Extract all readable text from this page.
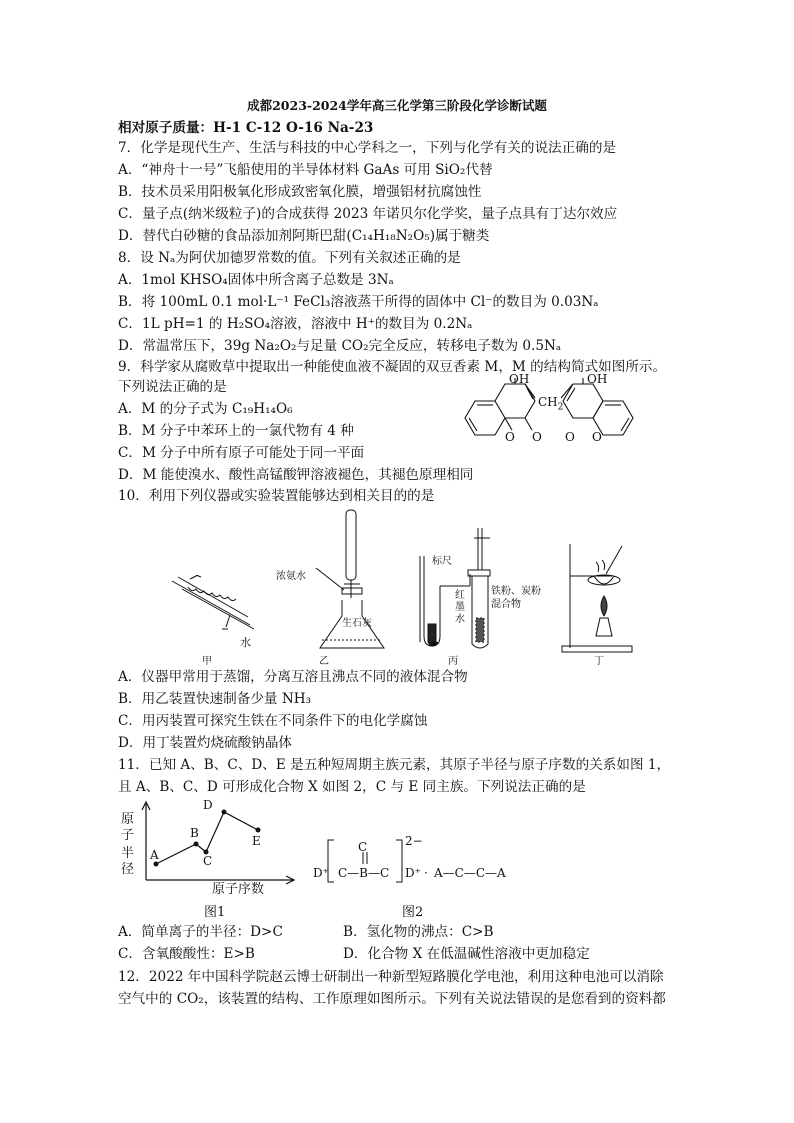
成都2023-2024学年高三化学第三阶段化学诊断试题
相对原子质量：H-1 C-12 O-16 Na-23
7．化学是现代生产、生活与科技的中心学科之一，下列与化学有关的说法正确的是
A．“神舟十一号”飞船使用的半导体材料 GaAs 可用 SiO₂代替
B．技术员采用阳极氧化形成致密氧化膜，增强铝材抗腐蚀性
C．量子点(纳米级粒子)的合成获得 2023 年诺贝尔化学奖，量子点具有丁达尔效应
D．替代白砂糖的食品添加剂阿斯巴甜(C₁₄H₁₈N₂O₅)属于糖类
8．设 Nₐ为阿伏加德罗常数的值。下列有关叙述正确的是
A．1mol KHSO₄固体中所含离子总数是 3Nₐ
B．将 100mL 0.1 mol·L⁻¹ FeCl₃溶液蒸干所得的固体中 Cl⁻的数目为 0.03Nₐ
C．1L pH=1 的 H₂SO₄溶液，溶液中 H⁺的数目为 0.2Nₐ
D．常温常压下，39g Na₂O₂与足量 CO₂完全反应，转移电子数为 0.5Nₐ
9．科学家从腐败草中提取出一种能使血液不凝固的双豆香素 M，M 的结构简式如图所示。
下列说法正确的是
A．M 的分子式为 C₁₉H₁₄O₆
B．M 分子中苯环上的一氯代物有 4 种
C．M 分子中所有原子可能处于同一平面
D．M 能使溴水、酸性高锰酸钾溶液褪色，其褪色原理相同
OH	OH
$CH_2$
O O O O
10．利用下列仪器或实验装置能够达到相关目的的是
水
甲
浓氨水
生石灰
乙
标尺
红
墨
水
铁粉、炭粉
混合物
丙	丁
A．仪器甲常用于蒸馏，分离互溶且沸点不同的液体混合物
B．用乙装置快速制备少量 NH₃
C．用丙装置可探究生铁在不同条件下的电化学腐蚀
D．用丁装置灼烧硫酸钠晶体
11．已知 A、B、C、D、E 是五种短周期主族元素，其原子半径与原子序数的关系如图 1，
且 A、B、C、D 可形成化合物 X 如图 2，C 与 E 同主族。下列说法正确的是
原
子
半
径
A
B
C
D
E
原子序数
图1
C	2−
D⁺ C—B—C D⁺ · A—C—C—A
图2
A．简单离子的半径：D>C	B．氢化物的沸点：C>B
C．含氧酸酸性：E>B	D．化合物 X 在低温碱性溶液中更加稳定
12．2022 年中国科学院赵云博士研制出一种新型短路膜化学电池，利用这种电池可以消除
空气中的 CO₂，该装置的结构、工作原理如图所示。下列有关说法错误的是您看到的资料都
